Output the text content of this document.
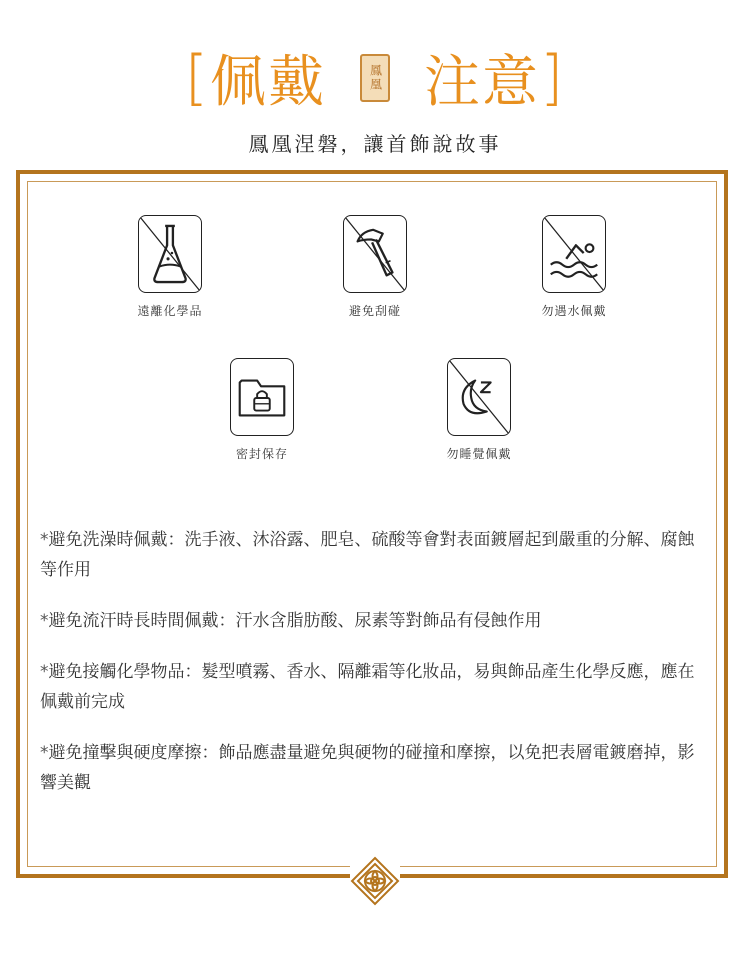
[ 佩戴	鳳凰 注意 ]
鳳凰涅磐，讓首飾說故事
遠離化學品	避免刮碰	勿遇水佩戴
密封保存	勿睡覺佩戴

*避免洗澡時佩戴：洗手液、沐浴露、肥皂、硫酸等會對表面鍍層起到嚴重的分解、腐蝕等作用

*避免流汗時長時間佩戴：汗水含脂肪酸、尿素等對飾品有侵蝕作用

*避免接觸化學物品：髮型噴霧、香水、隔離霜等化妝品，易與飾品產生化學反應，應在佩戴前完成

*避免撞擊與硬度摩擦：飾品應盡量避免與硬物的碰撞和摩擦，以免把表層電鍍磨掉，影響美觀
